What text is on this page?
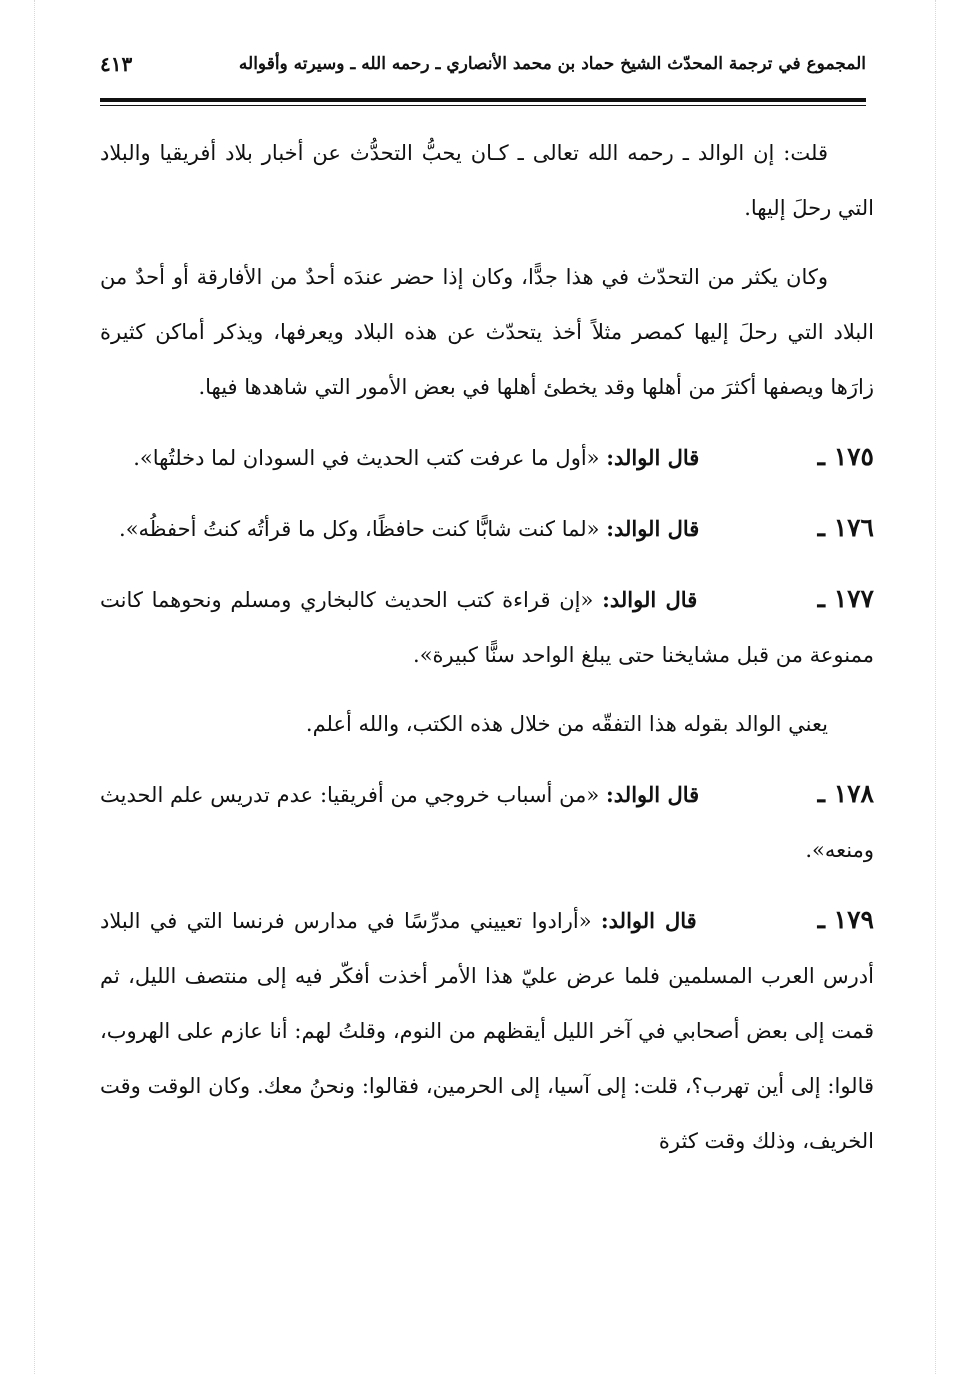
المجموع في ترجمة المحدّث الشيخ حماد بن محمد الأنصاري ـ رحمه الله ـ وسيرته وأقواله
٤١٣

قلت: إن الوالد ـ رحمه الله تعالى ـ كـان يحبُّ التحدُّث عن أخبار بلاد أفريقيا والبلاد التي رحلَ إليها.

وكان يكثر من التحدّث في هذا جدًّا، وكان إذا حضر عندَه أحدٌ من الأفارقة أو أحدٌ من البلاد التي رحلَ إليها كمصر مثلاً أخذ يتحدّث عن هذه البلاد ويعرفها، ويذكر أماكن كثيرة زارَها ويصفها أكثرَ من أهلها وقد يخطئ أهلها في بعض الأمور التي شاهدها فيها.

١٧٥ ـ قال الوالد: «أول ما عرفت كتب الحديث في السودان لما دخلتُها».

١٧٦ ـ قال الوالد: «لما كنت شابًّا كنت حافظًا، وكل ما قرأتُه كنتُ أحفظُه».

١٧٧ ـ قال الوالد: «إن قراءة كتب الحديث كالبخاري ومسلم ونحوهما كانت ممنوعة من قبل مشايخنا حتى يبلغ الواحد سنًّا كبيرة».

يعني الوالد بقوله هذا التفقّه من خلال هذه الكتب، والله أعلم.

١٧٨ ـ قال الوالد: «من أسباب خروجي من أفريقيا: عدم تدريس علم الحديث ومنعه».

١٧٩ ـ قال الوالد: «أرادوا تعييني مدرِّسًا في مدارس فرنسا التي في البلاد أدرس العرب المسلمين فلما عرض عليّ هذا الأمر أخذت أفكّر فيه إلى منتصف الليل، ثم قمت إلى بعض أصحابي في آخر الليل أيقظهم من النوم، وقلتُ لهم: أنا عازم على الهروب، قالوا: إلى أين تهرب؟، قلت: إلى آسيا، إلى الحرمين، فقالوا: ونحنُ معك. وكان الوقت وقت الخريف، وذلك وقت كثرة
